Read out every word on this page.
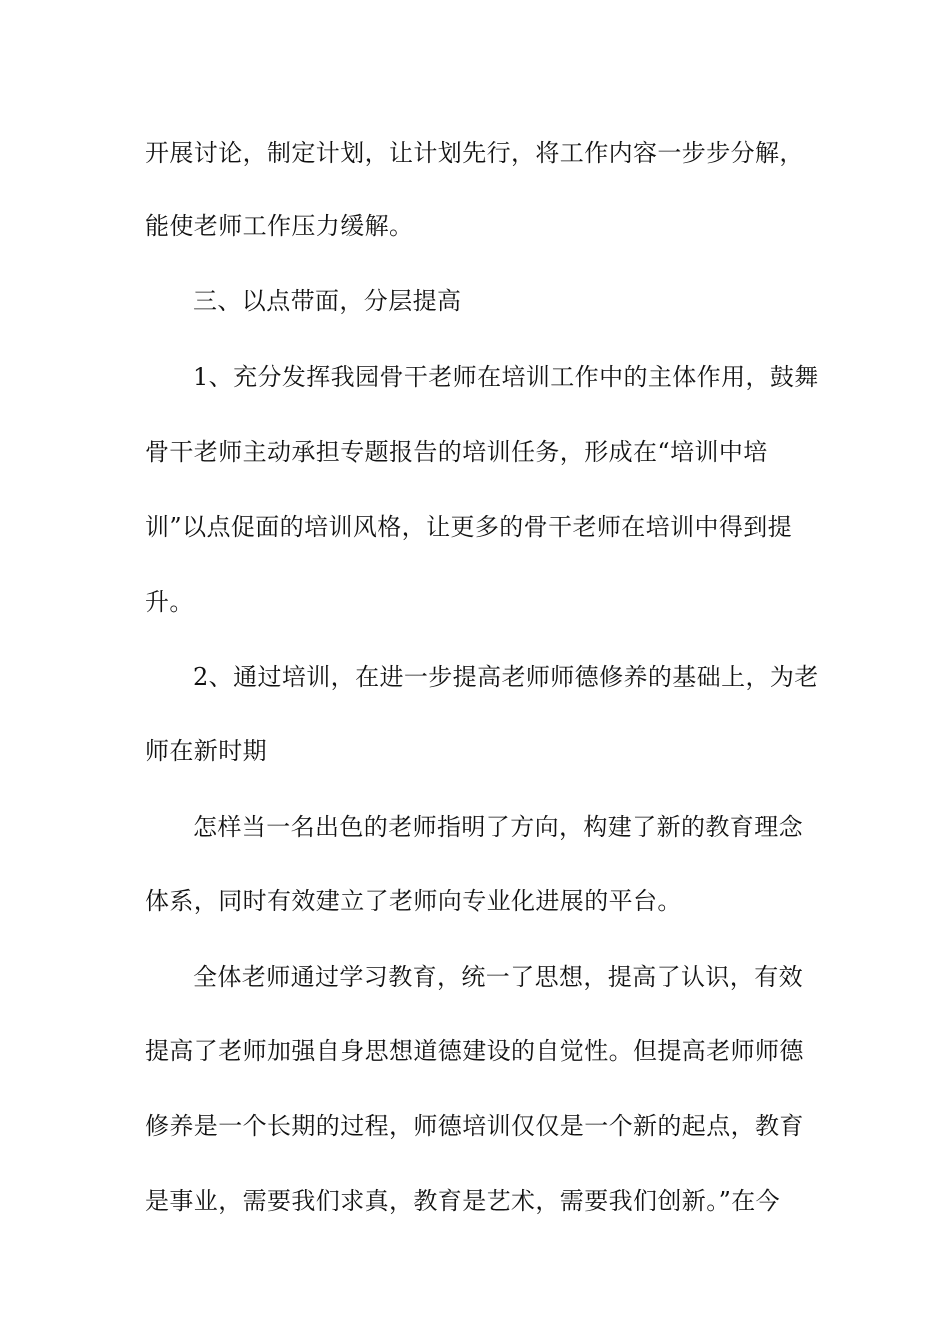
开展讨论，制定计划，让计划先行，将工作内容一步步分解，

能使老师工作压力缓解。

三、以点带面，分层提高

1、充分发挥我园骨干老师在培训工作中的主体作用，鼓舞

骨干老师主动承担专题报告的培训任务，形成在“培训中培

训”以点促面的培训风格，让更多的骨干老师在培训中得到提

升。

2、通过培训，在进一步提高老师师德修养的基础上，为老

师在新时期

怎样当一名出色的老师指明了方向，构建了新的教育理念

体系，同时有效建立了老师向专业化进展的平台。

全体老师通过学习教育，统一了思想，提高了认识，有效

提高了老师加强自身思想道德建设的自觉性。但提高老师师德

修养是一个长期的过程，师德培训仅仅是一个新的起点，教育

是事业，需要我们求真，教育是艺术，需要我们创新。”在今
